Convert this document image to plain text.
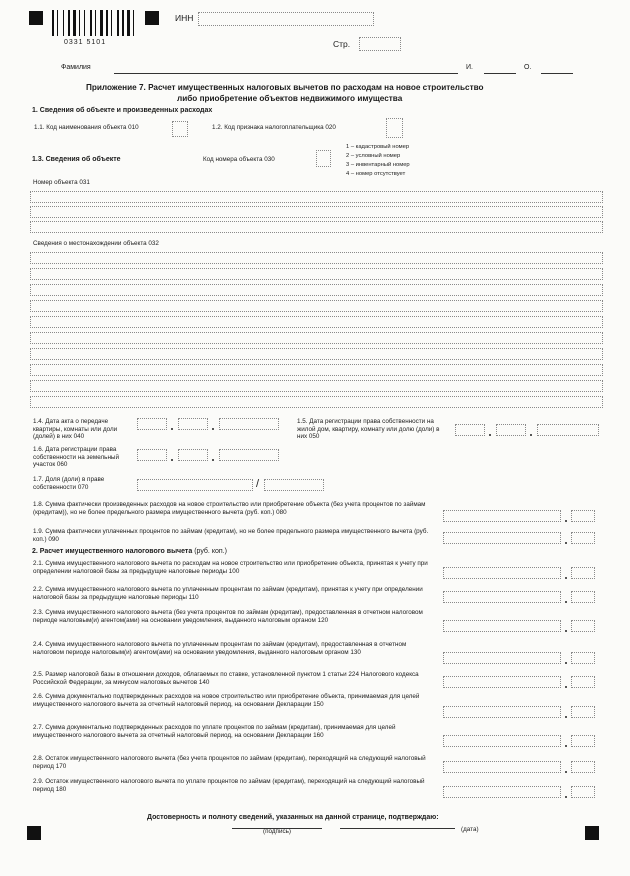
0331 5101
ИНН
Стр.
Фамилия	И.	О.
Приложение 7. Расчет имущественных налоговых вычетов по расходам на новое строительство
либо приобретение объектов недвижимого имущества
1. Сведения об объекте и произведенных расходах
1.1. Код наименования объекта 010	1.2. Код признака налогоплательщика 020
1.3. Сведения об объекте	Код номера объекта 030
1 – кадастровый номер
2 – условный номер
3 – инвентарный номер
4 – номер отсутствует
Номер объекта 031
Сведения о местонахождении объекта 032
1.4. Дата акта о передаче квартиры, комнаты или доли (долей) в них 040
1.5. Дата регистрации права собственности на жилой дом, квартиру, комнату или долю (доли) в них 050
1.6. Дата регистрации права собственности на земельный участок 060
1.7. Доля (доли) в праве собственности 070	/
1.8. Сумма фактически произведенных расходов на новое строительство или приобретение объекта (без учета процентов по займам (кредитам)), но не более предельного размера имущественного вычета (руб. коп.) 080
1.9. Сумма фактически уплаченных процентов по займам (кредитам), но не более предельного размера имущественного вычета (руб. коп.) 090
2. Расчет имущественного налогового вычета (руб. коп.)
2.1. Сумма имущественного налогового вычета по расходам на новое строительство или приобретение объекта, принятая к учету при определении налоговой базы за предыдущие налоговые периоды 100
2.2. Сумма имущественного налогового вычета по уплаченным процентам по займам (кредитам), принятая к учету при определении налоговой базы за предыдущие налоговые периоды 110
2.3. Сумма имущественного налогового вычета (без учета процентов по займам (кредитам), предоставленная в отчетном налоговом периоде налоговым(и) агентом(ами) на основании уведомления, выданного налоговым органом 120
2.4. Сумма имущественного налогового вычета по уплаченным процентам по займам (кредитам), предоставленная в отчетном налоговом периоде налоговым(и) агентом(ами) на основании уведомления, выданного налоговым органом 130
2.5. Размер налоговой базы в отношении доходов, облагаемых по ставке, установленной пунктом 1 статьи 224 Налогового кодекса Российской Федерации, за минусом налоговых вычетов 140
2.6. Сумма документально подтвержденных расходов на новое строительство или приобретение объекта, принимаемая для целей имущественного налогового вычета за отчетный налоговый период, на основании Декларации 150
2.7. Сумма документально подтвержденных расходов по уплате процентов по займам (кредитам), принимаемая для целей имущественного налогового вычета за отчетный налоговый период, на основании Декларации 160
2.8. Остаток имущественного налогового вычета (без учета процентов по займам (кредитам), переходящий на следующий налоговый период 170
2.9. Остаток имущественного налогового вычета по уплате процентов по займам (кредитам), переходящий на следующий налоговый период 180
Достоверность и полноту сведений, указанных на данной странице, подтверждаю:
(подпись)	(дата)
